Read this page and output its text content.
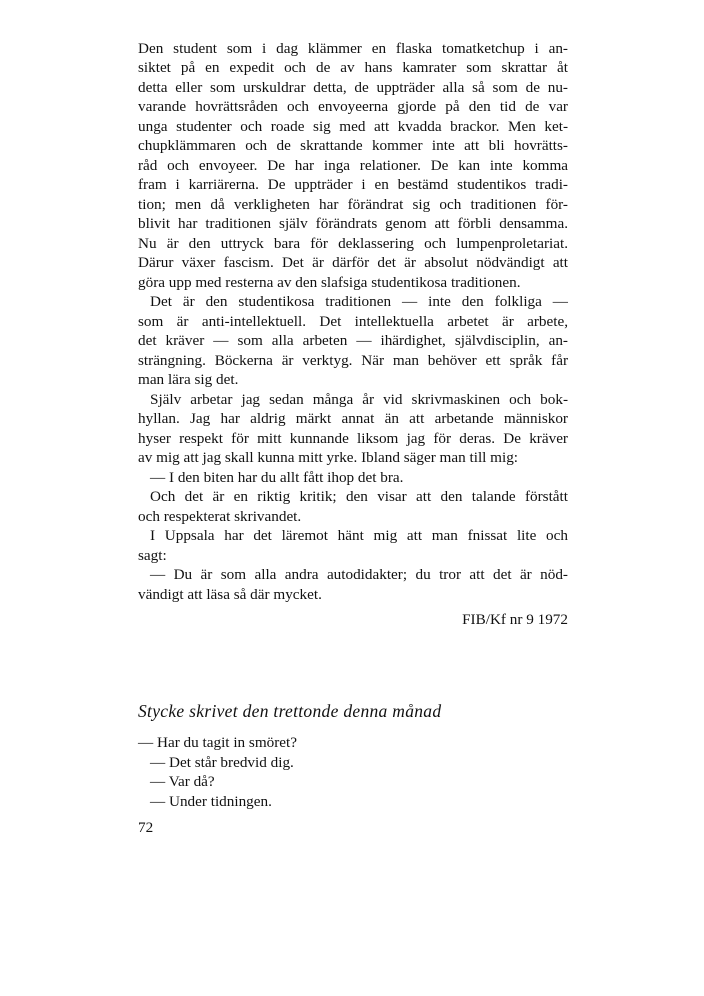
Den student som i dag klämmer en flaska tomatketchup i an-
siktet på en expedit och de av hans kamrater som skrattar åt
detta eller som urskuldrar detta, de uppträder alla så som de nu-
varande hovrättsråden och envoyeerna gjorde på den tid de var
unga studenter och roade sig med att kvadda brackor. Men ket-
chupklämmaren och de skrattande kommer inte att bli hovrätts-
råd och envoyeer. De har inga relationer. De kan inte komma
fram i karriärerna. De uppträder i en bestämd studentikos tradi-
tion; men då verkligheten har förändrat sig och traditionen för-
blivit har traditionen själv förändrats genom att förbli densamma.
Nu är den uttryck bara för deklassering och lumpenproletariat.
Därur växer fascism. Det är därför det är absolut nödvändigt att
göra upp med resterna av den slafsiga studentikosa traditionen.
Det är den studentikosa traditionen — inte den folkliga —
som är anti-intellektuell. Det intellektuella arbetet är arbete,
det kräver — som alla arbeten — ihärdighet, självdisciplin, an-
strängning. Böckerna är verktyg. När man behöver ett språk får
man lära sig det.
Själv arbetar jag sedan många år vid skrivmaskinen och bok-
hyllan. Jag har aldrig märkt annat än att arbetande människor
hyser respekt för mitt kunnande liksom jag för deras. De kräver
av mig att jag skall kunna mitt yrke. Ibland säger man till mig:
— I den biten har du allt fått ihop det bra.
Och det är en riktig kritik; den visar att den talande förstått
och respekterat skrivandet.
I Uppsala har det läremot hänt mig att man fnissat lite och
sagt:
— Du är som alla andra autodidakter; du tror att det är nöd-
vändigt att läsa så där mycket.
FIB/Kf nr 9 1972
Stycke skrivet den trettonde denna månad
— Har du tagit in smöret?
— Det står bredvid dig.
— Var då?
— Under tidningen.
72
